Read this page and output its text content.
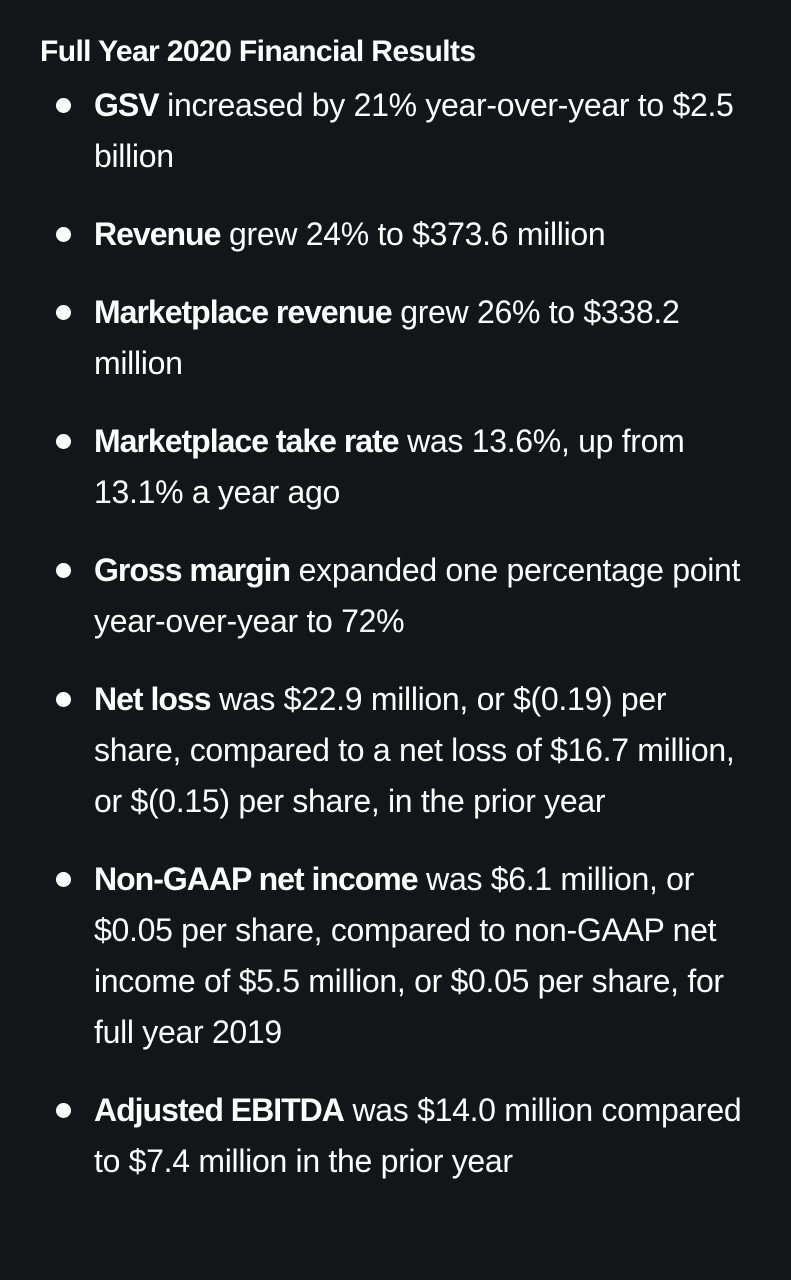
Full Year 2020 Financial Results
GSV increased by 21% year-over-year to $2.5 billion
Revenue grew 24% to $373.6 million
Marketplace revenue grew 26% to $338.2 million
Marketplace take rate was 13.6%, up from 13.1% a year ago
Gross margin expanded one percentage point year-over-year to 72%
Net loss was $22.9 million, or $(0.19) per share, compared to a net loss of $16.7 million, or $(0.15) per share, in the prior year
Non-GAAP net income was $6.1 million, or $0.05 per share, compared to non-GAAP net income of $5.5 million, or $0.05 per share, for full year 2019
Adjusted EBITDA was $14.0 million compared to $7.4 million in the prior year
